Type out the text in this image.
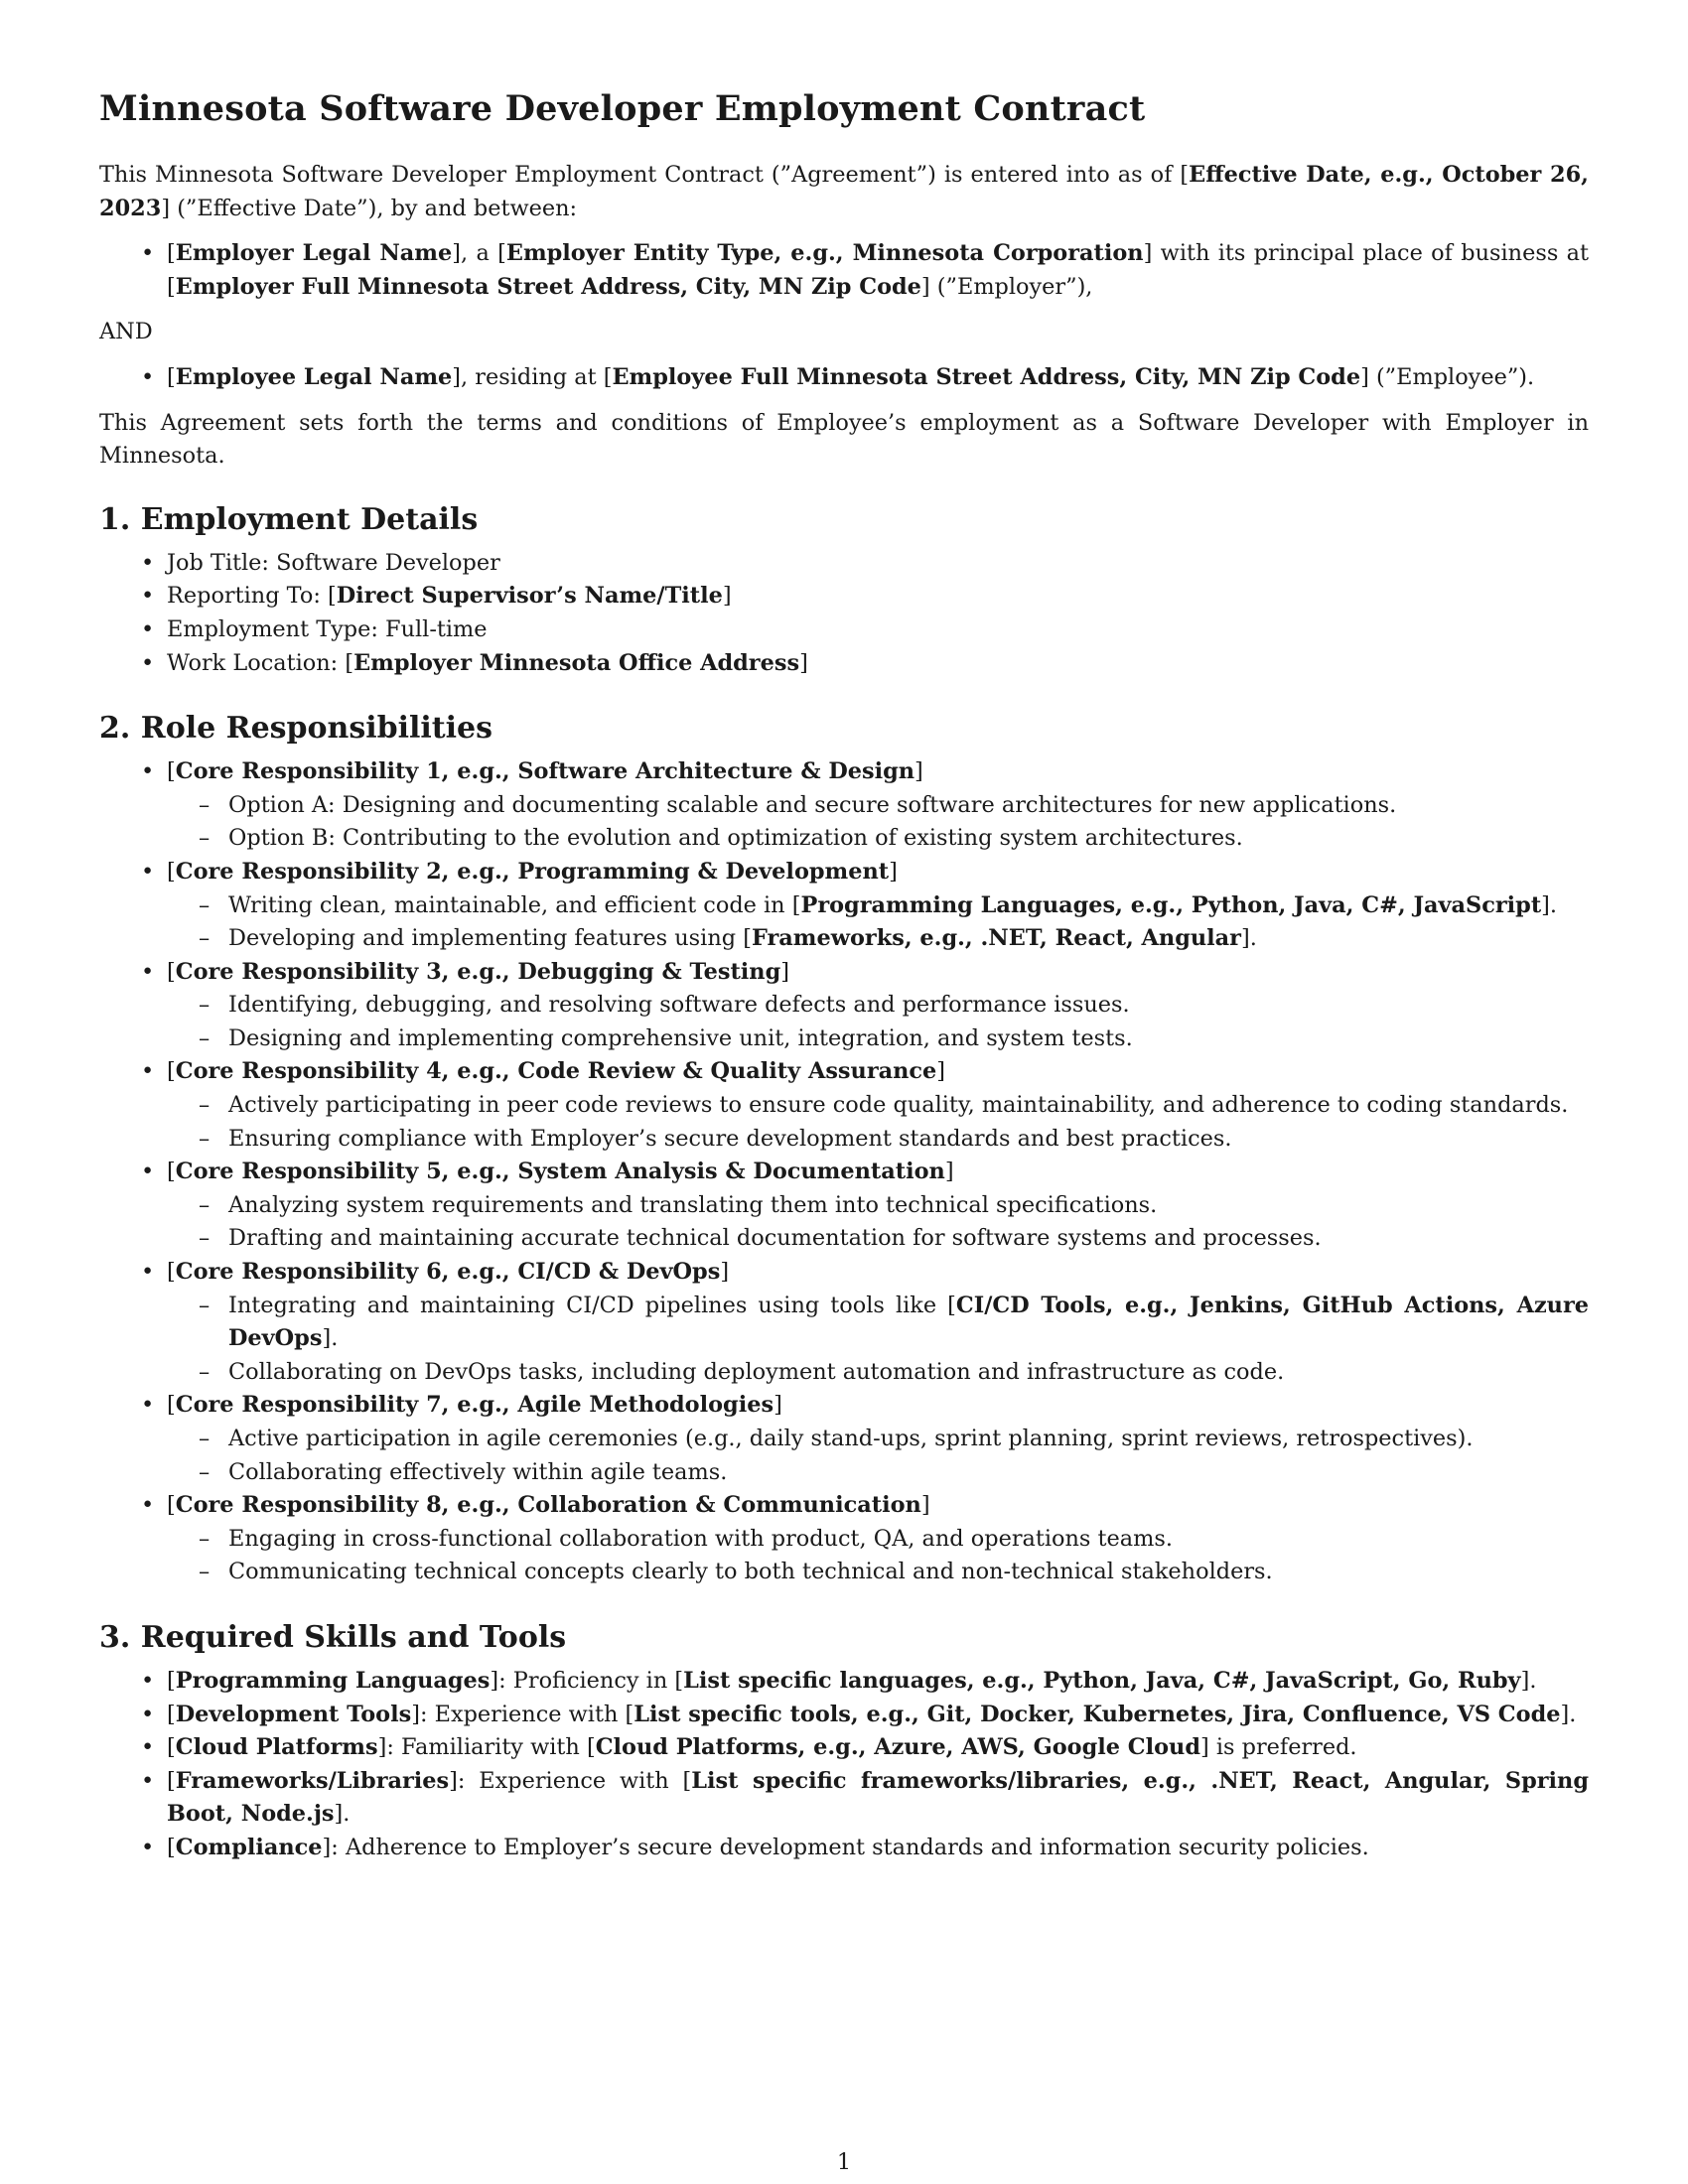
Minnesota Software Developer Employment Contract

This Minnesota Software Developer Employment Contract (”Agreement”) is entered into as of [Effective Date, e.g., October 26, 2023] (”Effective Date”), by and between:

• [Employer Legal Name], a [Employer Entity Type, e.g., Minnesota Corporation] with its principal place of business at [Employer Full Minnesota Street Address, City, MN Zip Code] (”Employer”),

AND

• [Employee Legal Name], residing at [Employee Full Minnesota Street Address, City, MN Zip Code] (”Employee”).

This Agreement sets forth the terms and conditions of Employee’s employment as a Software Developer with Employer in Minnesota.

1. Employment Details
• Job Title: Software Developer
• Reporting To: [Direct Supervisor’s Name/Title]
• Employment Type: Full-time
• Work Location: [Employer Minnesota Office Address]
2. Role Responsibilities
• [Core Responsibility 1, e.g., Software Architecture & Design]
– Option A: Designing and documenting scalable and secure software architectures for new applications.
– Option B: Contributing to the evolution and optimization of existing system architectures.
• [Core Responsibility 2, e.g., Programming & Development]
– Writing clean, maintainable, and efficient code in [Programming Languages, e.g., Python, Java, C#, JavaScript].
– Developing and implementing features using [Frameworks, e.g., .NET, React, Angular].
• [Core Responsibility 3, e.g., Debugging & Testing]
– Identifying, debugging, and resolving software defects and performance issues.
– Designing and implementing comprehensive unit, integration, and system tests.
• [Core Responsibility 4, e.g., Code Review & Quality Assurance]
– Actively participating in peer code reviews to ensure code quality, maintainability, and adherence to coding standards.
– Ensuring compliance with Employer’s secure development standards and best practices.
• [Core Responsibility 5, e.g., System Analysis & Documentation]
– Analyzing system requirements and translating them into technical specifications.
– Drafting and maintaining accurate technical documentation for software systems and processes.
• [Core Responsibility 6, e.g., CI/CD & DevOps]
– Integrating and maintaining CI/CD pipelines using tools like [CI/CD Tools, e.g., Jenkins, GitHub Actions, Azure DevOps].
– Collaborating on DevOps tasks, including deployment automation and infrastructure as code.
• [Core Responsibility 7, e.g., Agile Methodologies]
– Active participation in agile ceremonies (e.g., daily stand-ups, sprint planning, sprint reviews, retrospectives).
– Collaborating effectively within agile teams.
• [Core Responsibility 8, e.g., Collaboration & Communication]
– Engaging in cross-functional collaboration with product, QA, and operations teams.
– Communicating technical concepts clearly to both technical and non-technical stakeholders.
3. Required Skills and Tools
• [Programming Languages]: Proficiency in [List specific languages, e.g., Python, Java, C#, JavaScript, Go, Ruby].
• [Development Tools]: Experience with [List specific tools, e.g., Git, Docker, Kubernetes, Jira, Confluence, VS Code].
• [Cloud Platforms]: Familiarity with [Cloud Platforms, e.g., Azure, AWS, Google Cloud] is preferred.
• [Frameworks/Libraries]: Experience with [List specific frameworks/libraries, e.g., .NET, React, Angular, Spring Boot, Node.js].
• [Compliance]: Adherence to Employer’s secure development standards and information security policies.
1
